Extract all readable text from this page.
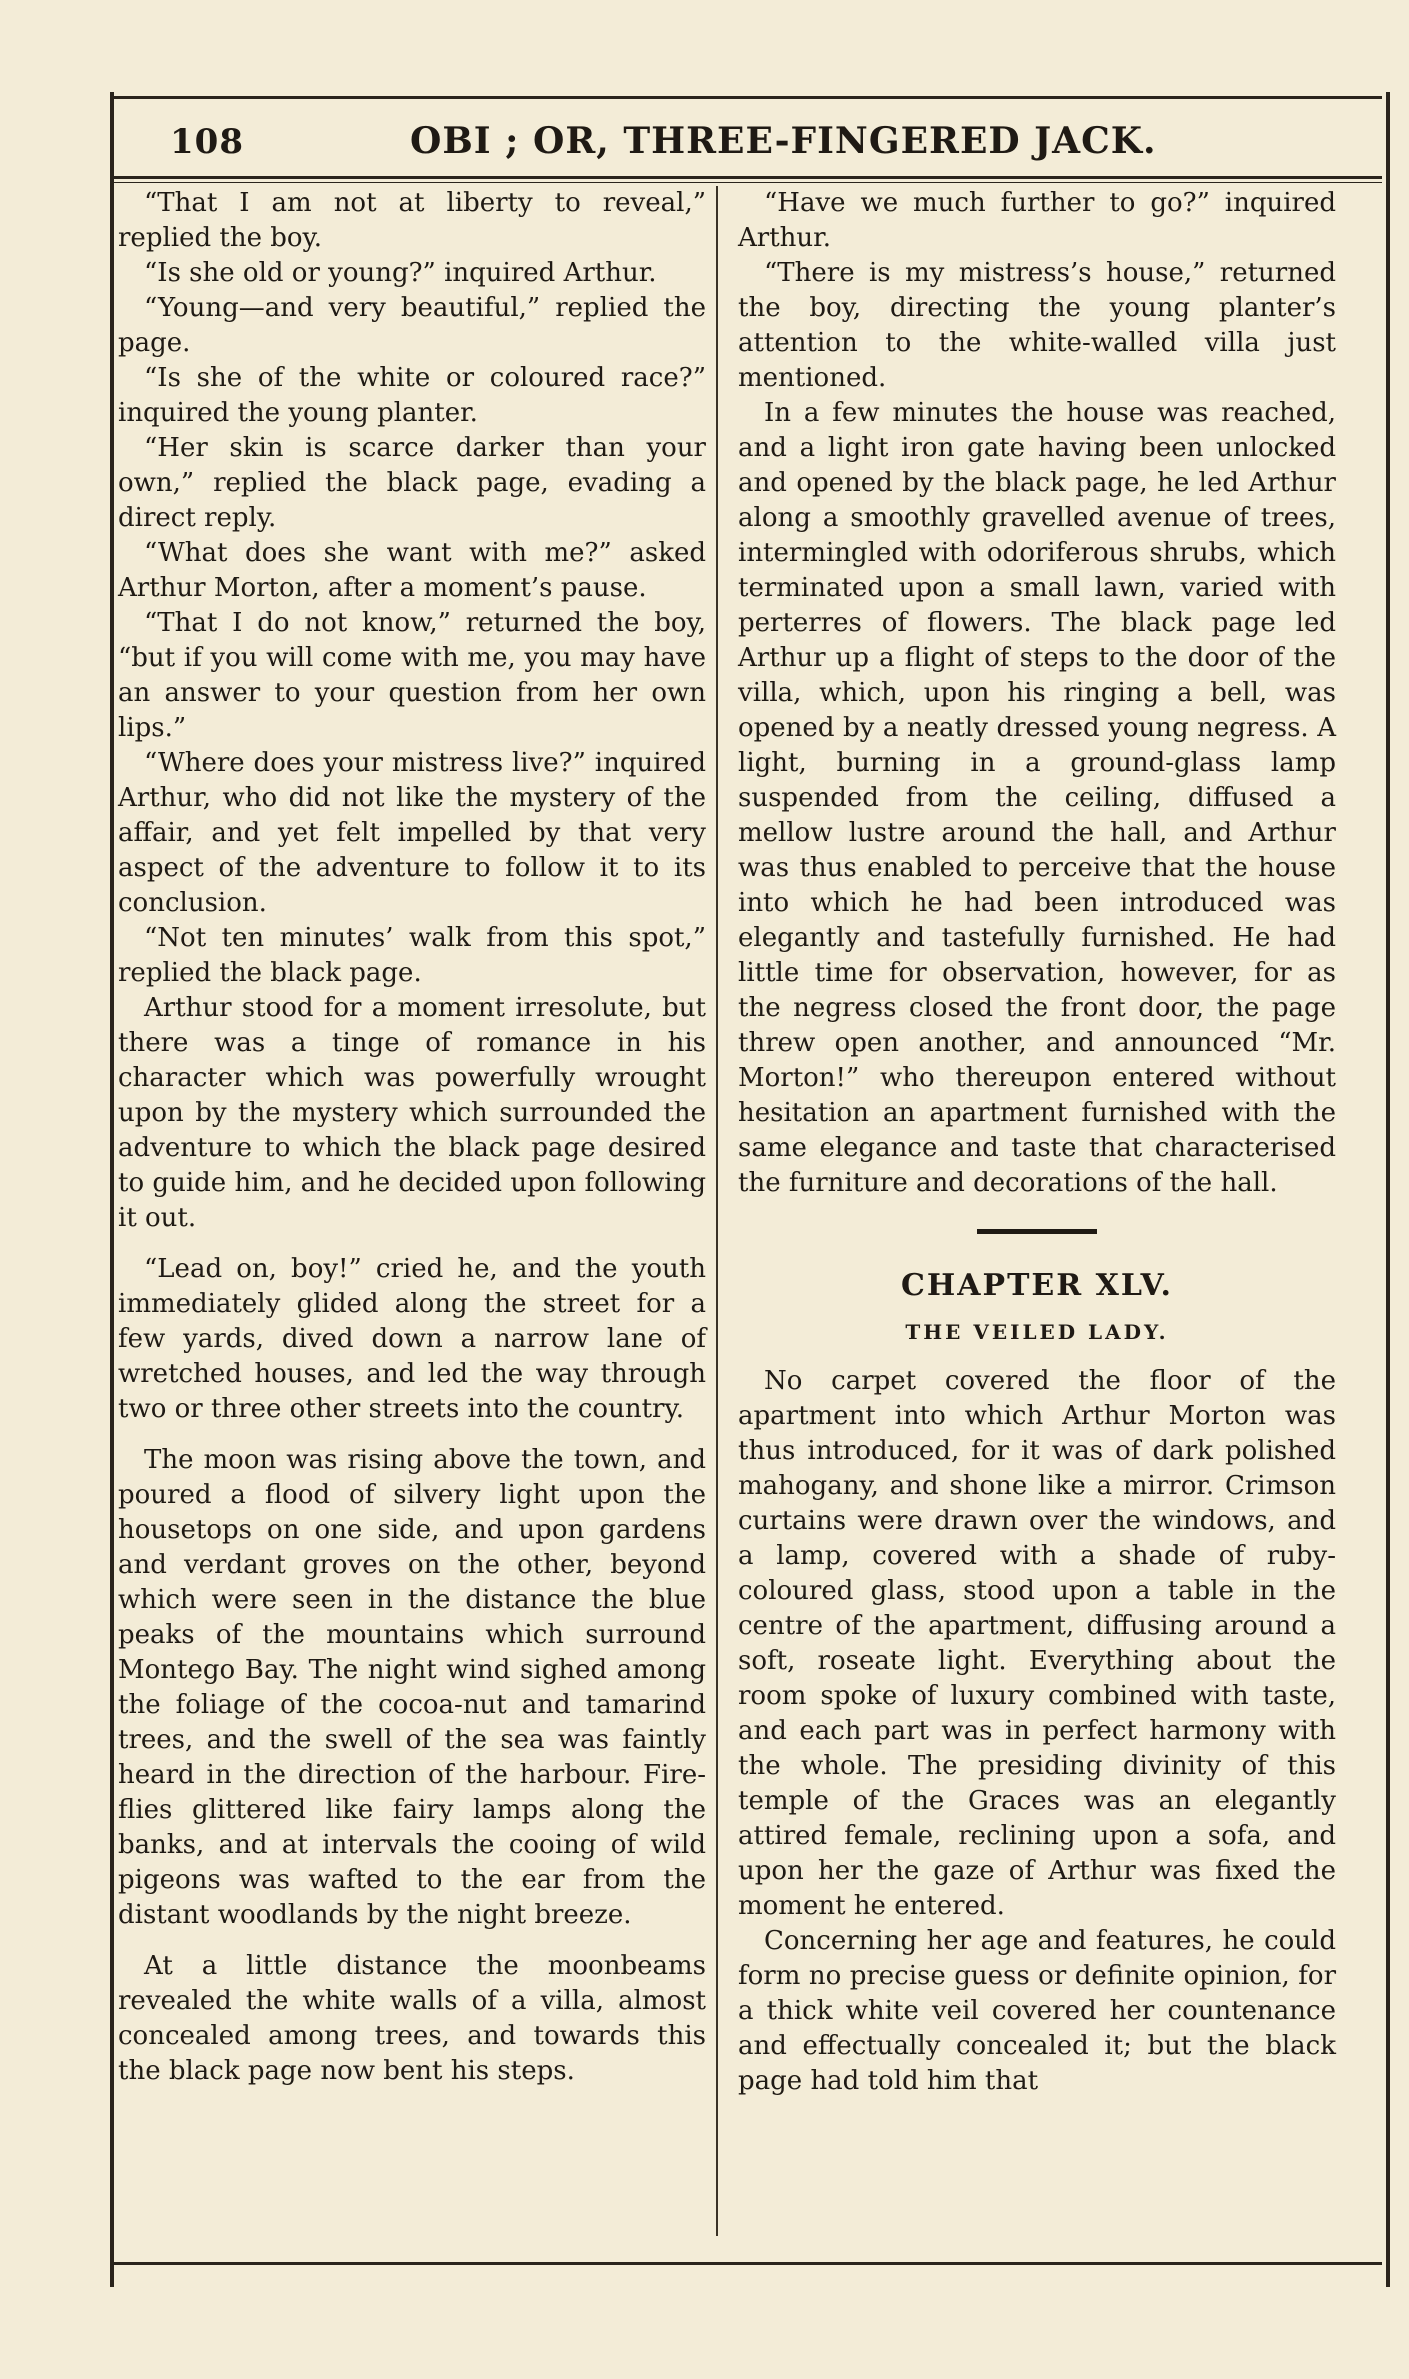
108	OBI ; OR, THREE-FINGERED JACK.

“That I am not at liberty to reveal,” replied the boy.

“Is she old or young?” inquired Arthur.

“Young—and very beautiful,” replied the page.

“Is she of the white or coloured race?” inquired the young planter.

“Her skin is scarce darker than your own,” replied the black page, evading a direct reply.

“What does she want with me?” asked Arthur Morton, after a moment’s pause.

“That I do not know,” returned the boy, “but if you will come with me, you may have an answer to your question from her own lips.”

“Where does your mistress live?” inquired Arthur, who did not like the mystery of the affair, and yet felt impelled by that very aspect of the adventure to follow it to its conclusion.

“Not ten minutes’ walk from this spot,” replied the black page.

Arthur stood for a moment irresolute, but there was a tinge of romance in his character which was powerfully wrought upon by the mystery which surrounded the adventure to which the black page desired to guide him, and he decided upon following it out.

“Lead on, boy!” cried he, and the youth immediately glided along the street for a few yards, dived down a narrow lane of wretched houses, and led the way through two or three other streets into the country.

The moon was rising above the town, and poured a flood of silvery light upon the housetops on one side, and upon gardens and verdant groves on the other, beyond which were seen in the distance the blue peaks of the mountains which surround Montego Bay. The night wind sighed among the foliage of the cocoa-nut and tamarind trees, and the swell of the sea was faintly heard in the direction of the harbour. Fire-flies glittered like fairy lamps along the banks, and at intervals the cooing of wild pigeons was wafted to the ear from the distant woodlands by the night breeze.

At a little distance the moonbeams revealed the white walls of a villa, almost concealed among trees, and towards this the black page now bent his steps.

“Have we much further to go?” inquired Arthur.

“There is my mistress’s house,” returned the boy, directing the young planter’s attention to the white-walled villa just mentioned.

In a few minutes the house was reached, and a light iron gate having been unlocked and opened by the black page, he led Arthur along a smoothly gravelled avenue of trees, intermingled with odoriferous shrubs, which terminated upon a small lawn, varied with perterres of flowers. The black page led Arthur up a flight of steps to the door of the villa, which, upon his ringing a bell, was opened by a neatly dressed young negress. A light, burning in a ground-glass lamp suspended from the ceiling, diffused a mellow lustre around the hall, and Arthur was thus enabled to perceive that the house into which he had been introduced was elegantly and tastefully furnished. He had little time for observation, however, for as the negress closed the front door, the page threw open another, and announced “Mr. Morton!” who thereupon entered without hesitation an apartment furnished with the same elegance and taste that characterised the furniture and decorations of the hall.

CHAPTER XLV.

THE VEILED LADY.

No carpet covered the floor of the apartment into which Arthur Morton was thus introduced, for it was of dark polished mahogany, and shone like a mirror. Crimson curtains were drawn over the windows, and a lamp, covered with a shade of ruby-coloured glass, stood upon a table in the centre of the apartment, diffusing around a soft, roseate light. Everything about the room spoke of luxury combined with taste, and each part was in perfect harmony with the whole. The presiding divinity of this temple of the Graces was an elegantly attired female, reclining upon a sofa, and upon her the gaze of Arthur was fixed the moment he entered.

Concerning her age and features, he could form no precise guess or definite opinion, for a thick white veil covered her countenance and effectually concealed it; but the black page had told him that
